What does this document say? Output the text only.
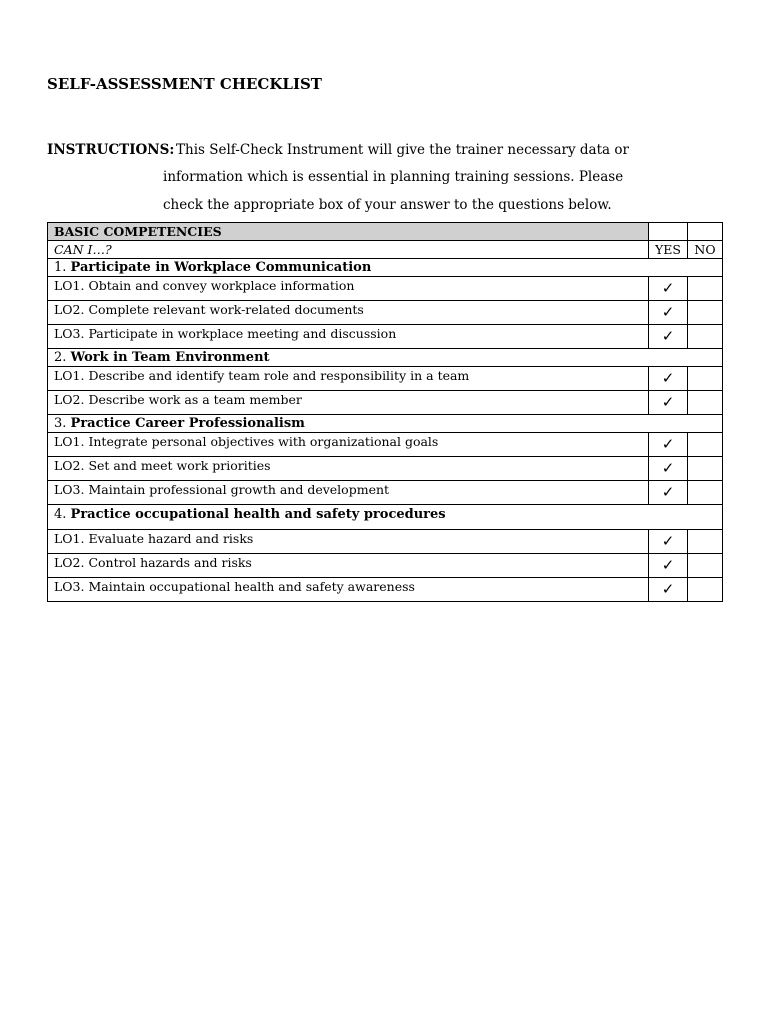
SELF-ASSESSMENT CHECKLIST
INSTRUCTIONS: This Self-Check Instrument will give the trainer necessary data or
information which is essential in planning training sessions. Please
check the appropriate box of your answer to the questions below.
BASIC COMPETENCIES		
CAN I…?	YES	NO
1. Participate in Workplace Communication		
LO1. Obtain and convey workplace information	✓	
LO2. Complete relevant work-related documents	✓	
LO3. Participate in workplace meeting and discussion	✓	
2. Work in Team Environment		
LO1. Describe and identify team role and responsibility in a team	✓	
LO2. Describe work as a team member	✓	
3. Practice Career Professionalism		
LO1. Integrate personal objectives with organizational goals	✓	
LO2. Set and meet work priorities	✓	
LO3. Maintain professional growth and development	✓	
4. Practice occupational health and safety procedures		
LO1. Evaluate hazard and risks	✓	
LO2. Control hazards and risks	✓	
LO3. Maintain occupational health and safety awareness	✓	
